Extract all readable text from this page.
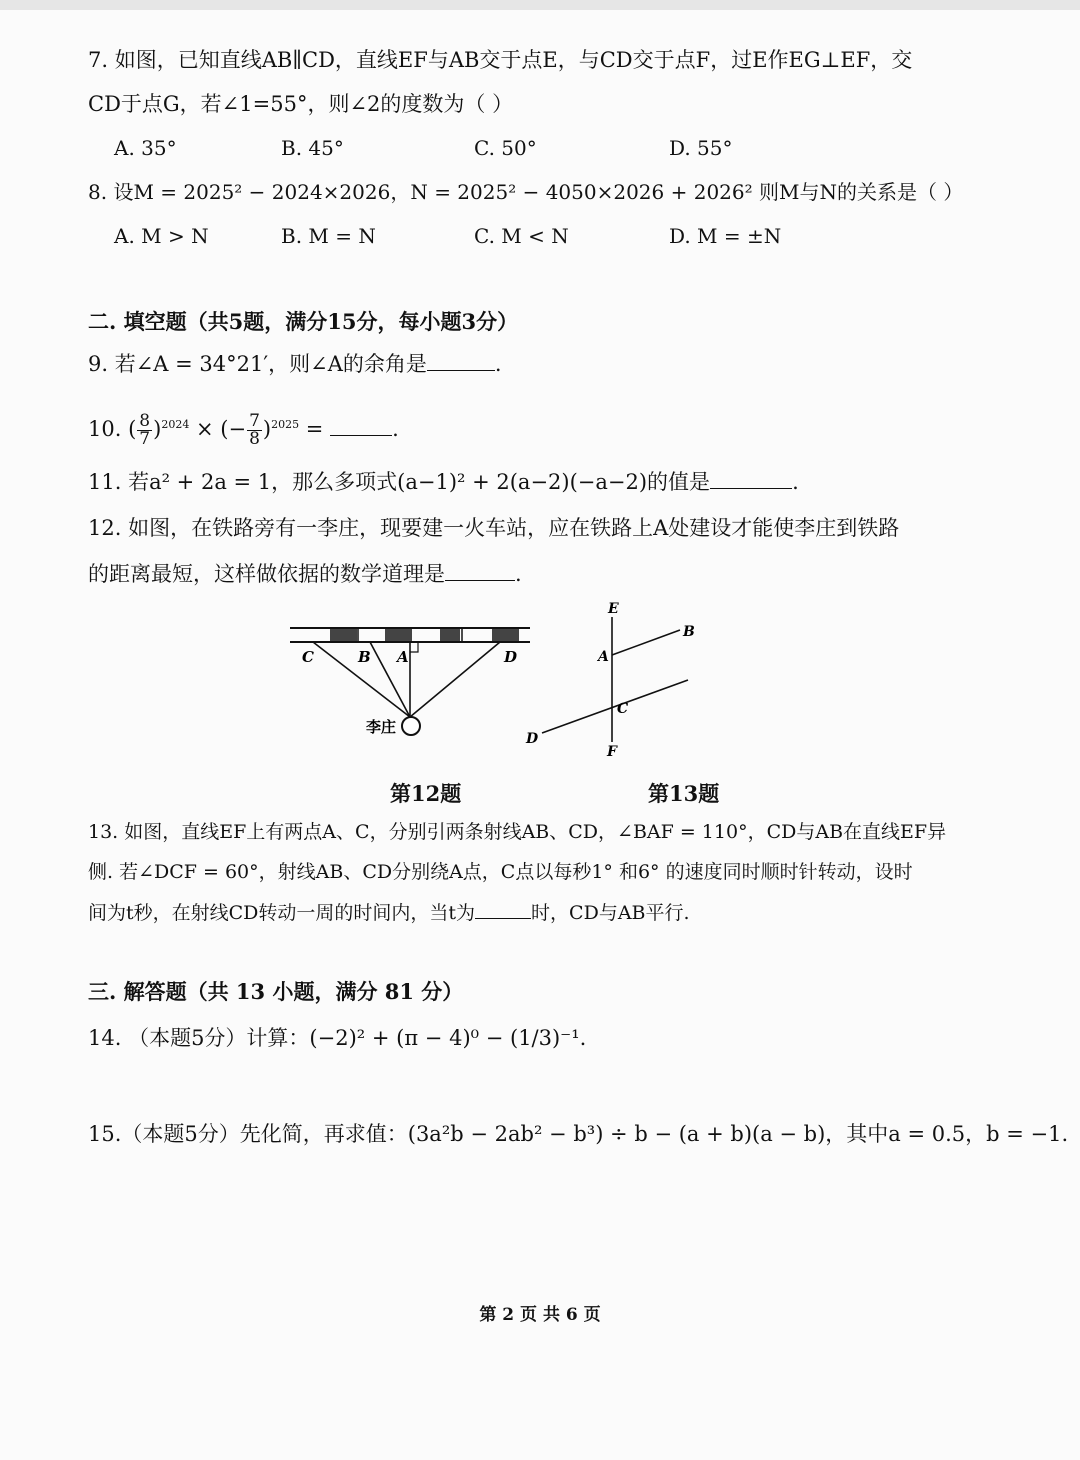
7. 如图，已知直线AB∥CD，直线EF与AB交于点E，与CD交于点F，过E作EG⊥EF，交
CD于点G，若∠1=55°，则∠2的度数为（ ）
A. 35°	B. 45°	C. 50°	D. 55°
8. 设M = 2025² − 2024×2026，N = 2025² − 4050×2026 + 2026² 则M与N的关系是（ ）
A. M > N	B. M = N	C. M < N	D. M = ±N
二. 填空题（共5题，满分15分，每小题3分）
9. 若∠A = 34°21′，则∠A的余角是	.
10. ( $\frac{8}{7} )^{2024}$ × (− $\frac{7}{8} )^{2025}$ =	.
11. 若a² + 2a = 1，那么多项式(a−1)² + 2(a−2)(−a−2)的值是	.
12. 如图，在铁路旁有一李庄，现要建一火车站，应在铁路上A处建设才能使李庄到铁路
的距离最短，这样做依据的数学道理是	.
C	B A	D
李庄
E
B
A
C
D
F
第12题	第13题
13. 如图，直线EF上有两点A、C，分别引两条射线AB、CD，∠BAF = 110°，CD与AB在直线EF异
侧. 若∠DCF = 60°，射线AB、CD分别绕A点，C点以每秒1° 和6° 的速度同时顺时针转动，设时
间为t秒，在射线CD转动一周的时间内，当t为	时，CD与AB平行.
三. 解答题（共 13 小题，满分 81 分）
14. （本题5分）计算：(−2)² + (π − 4)⁰ − (1/3)⁻¹.
15.（本题5分）先化简，再求值：(3a²b − 2ab² − b³) ÷ b − (a + b)(a − b)，其中a = 0.5，b = −1.
第 2 页 共 6 页
